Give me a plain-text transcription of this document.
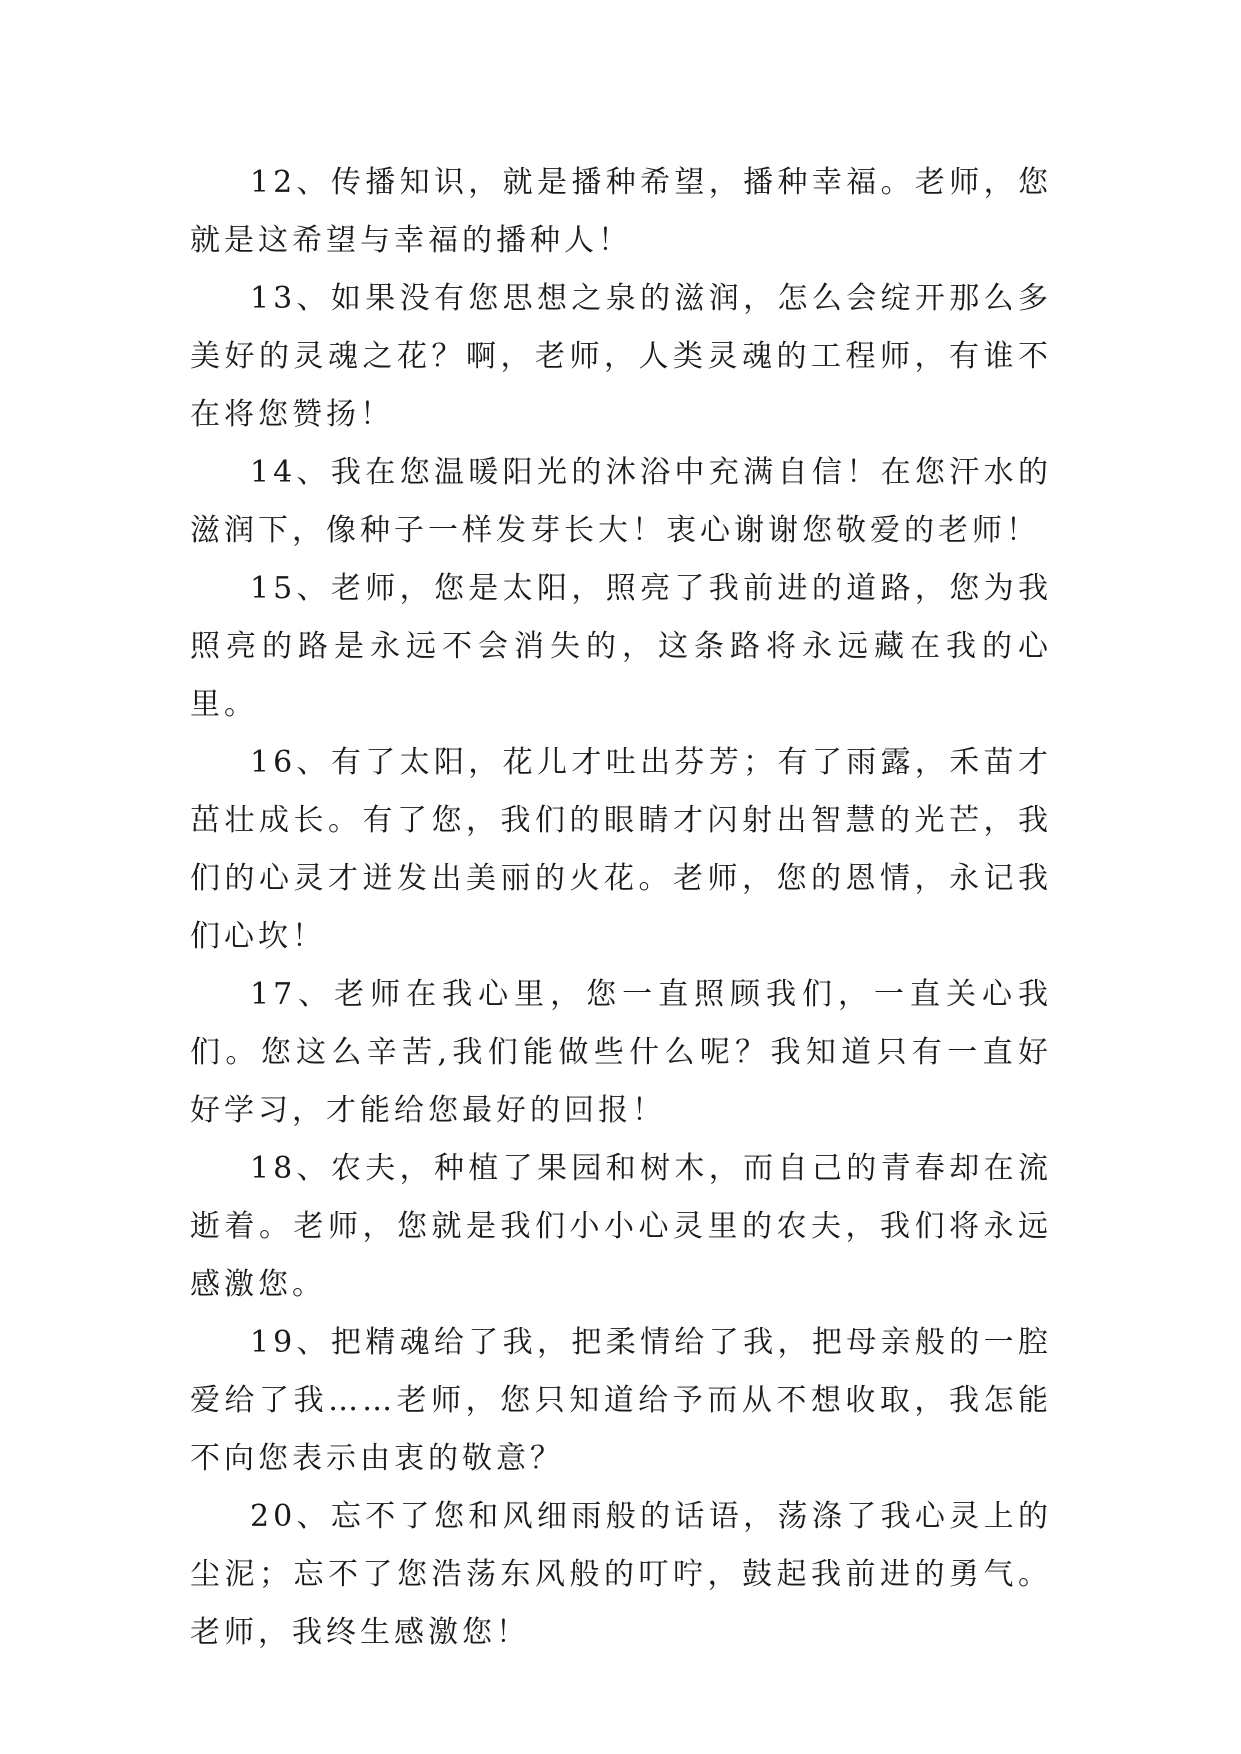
12、传播知识，就是播种希望，播种幸福。老师，您就是这希望与幸福的播种人！

13、如果没有您思想之泉的滋润，怎么会绽开那么多美好的灵魂之花？啊，老师，人类灵魂的工程师，有谁不在将您赞扬！

14、我在您温暖阳光的沐浴中充满自信！在您汗水的滋润下，像种子一样发芽长大！衷心谢谢您敬爱的老师！

15、老师，您是太阳，照亮了我前进的道路，您为我照亮的路是永远不会消失的，这条路将永远藏在我的心里。

16、有了太阳，花儿才吐出芬芳；有了雨露，禾苗才茁壮成长。有了您，我们的眼睛才闪射出智慧的光芒，我们的心灵才迸发出美丽的火花。老师，您的恩情，永记我们心坎！

17、老师在我心里，您一直照顾我们，一直关心我们。您这么辛苦,我们能做些什么呢？我知道只有一直好好学习，才能给您最好的回报！

18、农夫，种植了果园和树木，而自己的青春却在流逝着。老师，您就是我们小小心灵里的农夫，我们将永远感激您。

19、把精魂给了我，把柔情给了我，把母亲般的一腔爱给了我……老师，您只知道给予而从不想收取，我怎能不向您表示由衷的敬意？

20、忘不了您和风细雨般的话语，荡涤了我心灵上的尘泥；忘不了您浩荡东风般的叮咛，鼓起我前进的勇气。老师，我终生感激您！
